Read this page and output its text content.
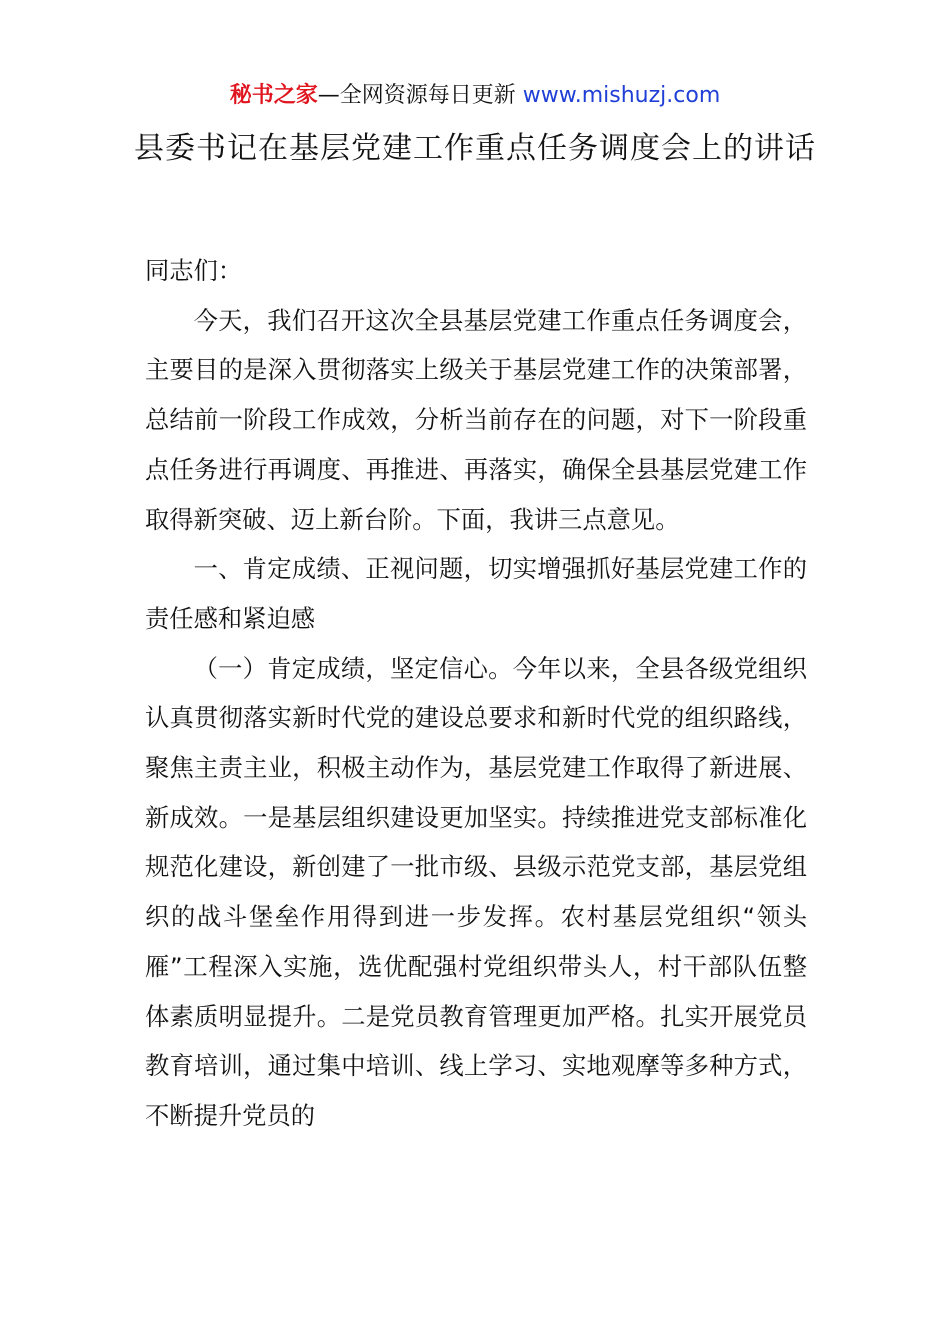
秘书之家—全网资源每日更新 www.mishuzj.com
县委书记在基层党建工作重点任务调度会上的讲话

同志们：

今天，我们召开这次全县基层党建工作重点任务调度会，主要目的是深入贯彻落实上级关于基层党建工作的决策部署，总结前一阶段工作成效，分析当前存在的问题，对下一阶段重点任务进行再调度、再推进、再落实，确保全县基层党建工作取得新突破、迈上新台阶。下面，我讲三点意见。

一、肯定成绩、正视问题，切实增强抓好基层党建工作的责任感和紧迫感

（一）肯定成绩，坚定信心。今年以来，全县各级党组织认真贯彻落实新时代党的建设总要求和新时代党的组织路线，聚焦主责主业，积极主动作为，基层党建工作取得了新进展、新成效。一是基层组织建设更加坚实。持续推进党支部标准化规范化建设，新创建了一批市级、县级示范党支部，基层党组织的战斗堡垒作用得到进一步发挥。农村基层党组织“领头雁”工程深入实施，选优配强村党组织带头人，村干部队伍整体素质明显提升。二是党员教育管理更加严格。扎实开展党员教育培训，通过集中培训、线上学习、实地观摩等多种方式，不断提升党员的
